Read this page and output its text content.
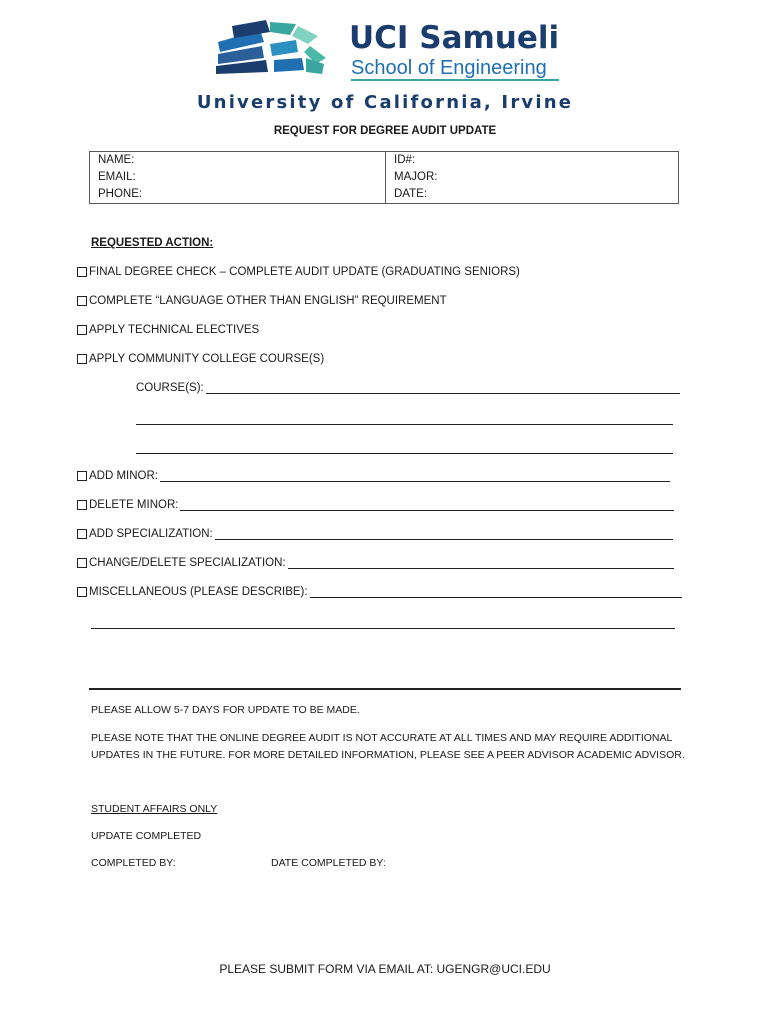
UCI Samueli
School of Engineering
University of California, Irvine
REQUEST FOR DEGREE AUDIT UPDATE
NAME:	ID#:
EMAIL:	MAJOR:
PHONE:	DATE:
REQUESTED ACTION:
FINAL DEGREE CHECK – COMPLETE AUDIT UPDATE (GRADUATING SENIORS)
COMPLETE “LANGUAGE OTHER THAN ENGLISH” REQUIREMENT
APPLY TECHNICAL ELECTIVES
APPLY COMMUNITY COLLEGE COURSE(S)
COURSE(S):
ADD MINOR:
DELETE MINOR:
ADD SPECIALIZATION:
CHANGE/DELETE SPECIALIZATION:
MISCELLANEOUS (PLEASE DESCRIBE):
PLEASE ALLOW 5-7 DAYS FOR UPDATE TO BE MADE.
PLEASE NOTE THAT THE ONLINE DEGREE AUDIT IS NOT ACCURATE AT ALL TIMES AND MAY REQUIRE ADDITIONAL UPDATES IN THE FUTURE. FOR MORE DETAILED INFORMATION, PLEASE SEE A PEER ADVISOR ACADEMIC ADVISOR.
STUDENT AFFAIRS ONLY
UPDATE COMPLETED
COMPLETED BY:	DATE COMPLETED BY:
PLEASE SUBMIT FORM VIA EMAIL AT: UGENGR@UCI.EDU
